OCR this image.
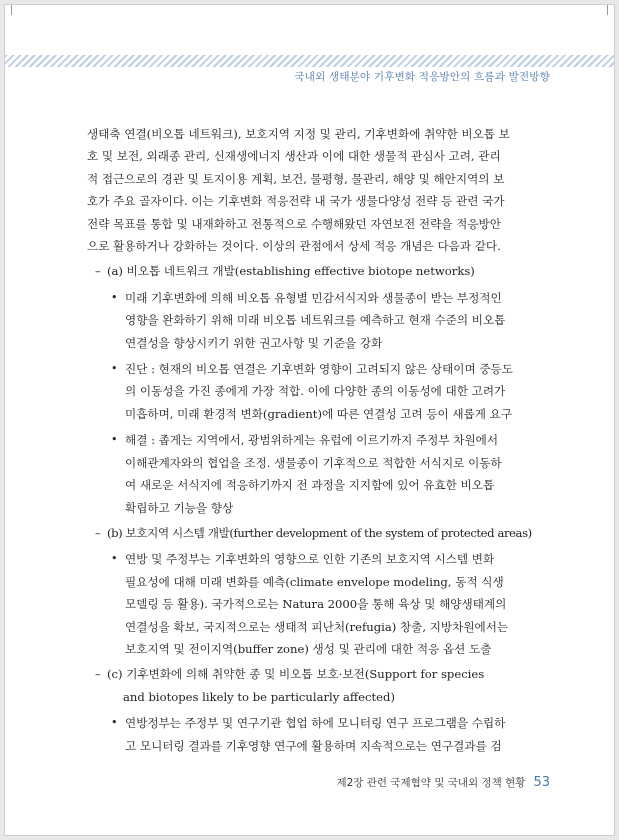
국내외 생태분야 기후변화 적응방안의 흐름과 발전방향

생태축 연결(비오톱 네트워크), 보호지역 지정 및 관리, 기후변화에 취약한 비오톱 보
호 및 보전, 외래종 관리, 신재생에너지 생산과 이에 대한 생물적 관심사 고려, 관리
적 접근으로의 경관 및 토지이용 계획, 보건, 물평형, 물관리, 해양 및 해안지역의 보
호가 주요 골자이다. 이는 기후변화 적응전략 내 국가 생물다양성 전략 등 관련 국가
전략 목표를 통합 및 내재화하고 전통적으로 수행해왔던 자연보전 전략을 적응방안
으로 활용하거나 강화하는 것이다. 이상의 관점에서 상세 적응 개념은 다음과 같다.

– (a) 비오톱 네트워크 개발(establishing effective biotope networks)
• 미래 기후변화에 의해 비오톱 유형별 민감서식지와 생물종이 받는 부정적인
영향을 완화하기 위해 미래 비오톱 네트워크를 예측하고 현재 수준의 비오톱
연결성을 향상시키기 위한 권고사항 및 기준을 강화
• 진단 : 현재의 비오톱 연결은 기후변화 영향이 고려되지 않은 상태이며 중등도
의 이동성을 가진 종에게 가장 적합. 이에 다양한 종의 이동성에 대한 고려가
미흡하며, 미래 환경적 변화(gradient)에 따른 연결성 고려 등이 새롭게 요구
• 해결 : 좁게는 지역에서, 광범위하게는 유럽에 이르기까지 주정부 차원에서
이해관계자와의 협업을 조정. 생물종이 기후적으로 적합한 서식지로 이동하
여 새로운 서식지에 적응하기까지 전 과정을 지지함에 있어 유효한 비오톱
확립하고 기능을 향상
– (b) 보호지역 시스템 개발(further development of the system of protected areas)
• 연방 및 주정부는 기후변화의 영향으로 인한 기존의 보호지역 시스템 변화
필요성에 대해 미래 변화를 예측(climate envelope modeling, 동적 식생
모델링 등 활용). 국가적으로는 Natura 2000을 통해 육상 및 해양생태계의
연결성을 확보, 국지적으로는 생태적 피난처(refugia) 창출, 지방차원에서는
보호지역 및 전이지역(buffer zone) 생성 및 관리에 대한 적응 옵션 도출
– (c) 기후변화에 의해 취약한 종 및 비오톱 보호·보전(Support for species
and biotopes likely to be particularly affected)
• 연방정부는 주정부 및 연구기관 협업 하에 모니터링 연구 프로그램을 수립하
고 모니터링 결과를 기후영향 연구에 활용하며 지속적으로는 연구결과를 검
제2장 관련 국제협약 및 국내외 정책 현황 53
